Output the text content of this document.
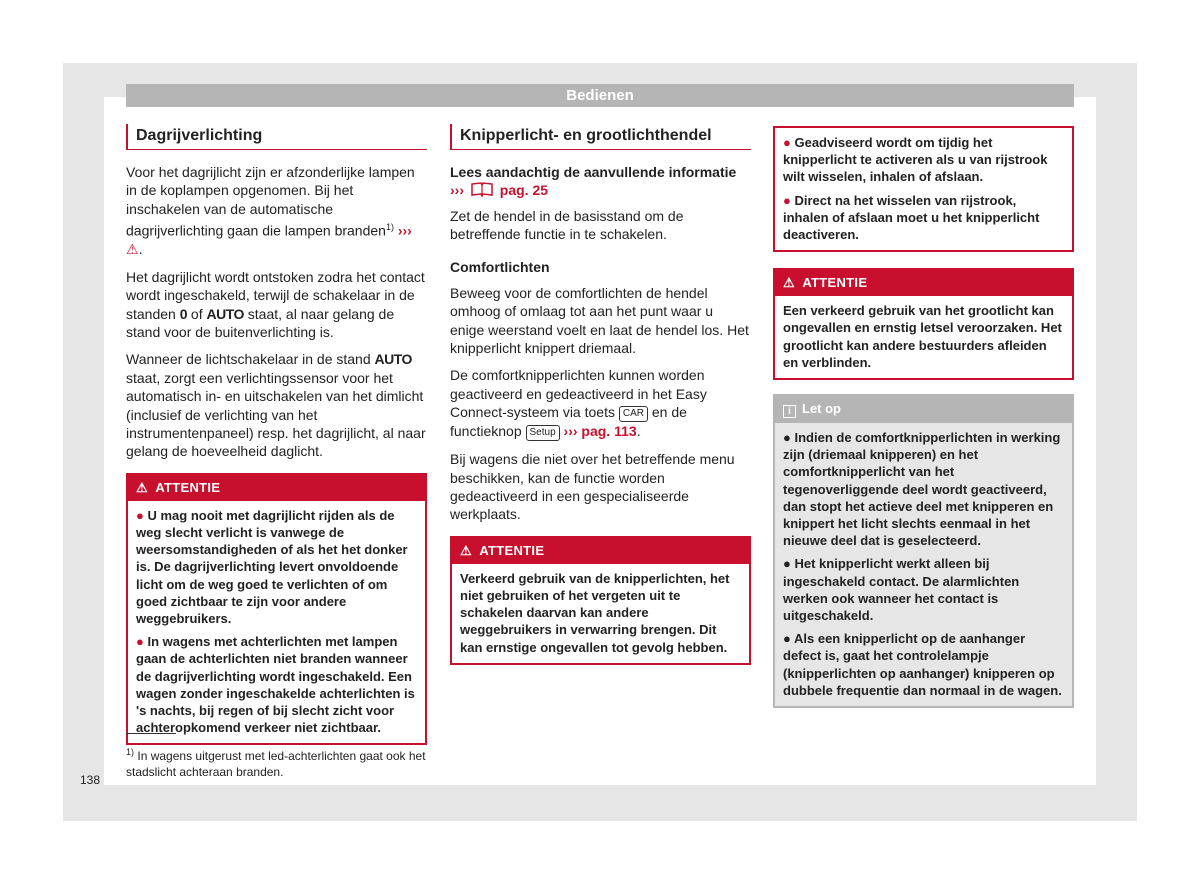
Bedienen
Dagrijverlichting

Voor het dagrijlicht zijn er afzonderlijke lampen in de koplampen opgenomen. Bij het inschakelen van de automatische dagrijverlichting gaan die lampen branden$^{1)}$ ››› ⚠.

Het dagrijlicht wordt ontstoken zodra het contact wordt ingeschakeld, terwijl de schakelaar in de standen 0 of AUTO staat, al naar gelang de stand voor de buitenverlichting is.

Wanneer de lichtschakelaar in de stand AUTO staat, zorgt een verlichtingssensor voor het automatisch in- en uitschakelen van het dimlicht (inclusief de verlichting van het instrumentenpaneel) resp. het dagrijlicht, al naar gelang de hoeveelheid daglicht.

⚠ ATTENTIE
● U mag nooit met dagrijlicht rijden als de weg slecht verlicht is vanwege de weersomstandigheden of als het het donker is. De dagrijverlichting levert onvoldoende licht om de weg goed te verlichten of om goed zichtbaar te zijn voor andere weggebruikers.
● In wagens met achterlichten met lampen gaan de achterlichten niet branden wanneer de dagrijverlichting wordt ingeschakeld. Een wagen zonder ingeschakelde achterlichten is 's nachts, bij regen of bij slecht zicht voor achteropkomend verkeer niet zichtbaar.
Knipperlicht- en grootlichthendel

Lees aandachtig de aanvullende informatie
›››	pag. 25

Zet de hendel in de basisstand om de betreffende functie in te schakelen.

Comfortlichten

Beweeg voor de comfortlichten de hendel omhoog of omlaag tot aan het punt waar u enige weerstand voelt en laat de hendel los. Het knipperlicht knippert driemaal.

De comfortknipperlichten kunnen worden geactiveerd en gedeactiveerd in het Easy Connect-systeem via toets CAR en de functieknop Setup ››› pag. 113.

Bij wagens die niet over het betreffende menu beschikken, kan de functie worden gedeactiveerd in een gespecialiseerde werkplaats.

⚠ ATTENTIE
Verkeerd gebruik van de knipperlichten, het niet gebruiken of het vergeten uit te schakelen daarvan kan andere weggebruikers in verwarring brengen. Dit kan ernstige ongevallen tot gevolg hebben.
● Geadviseerd wordt om tijdig het knipperlicht te activeren als u van rijstrook wilt wisselen, inhalen of afslaan.
● Direct na het wisselen van rijstrook, inhalen of afslaan moet u het knipperlicht deactiveren.
⚠ ATTENTIE
Een verkeerd gebruik van het grootlicht kan ongevallen en ernstig letsel veroorzaken. Het grootlicht kan andere bestuurders afleiden en verblinden.
i Let op
● Indien de comfortknipperlichten in werking zijn (driemaal knipperen) en het comfortknipperlicht van het tegenoverliggende deel wordt geactiveerd, dan stopt het actieve deel met knipperen en knippert het licht slechts eenmaal in het nieuwe deel dat is geselecteerd.
● Het knipperlicht werkt alleen bij ingeschakeld contact. De alarmlichten werken ook wanneer het contact is uitgeschakeld.
● Als een knipperlicht op de aanhanger defect is, gaat het controlelampje (knipperlichten op aanhanger) knipperen op dubbele frequentie dan normaal in de wagen.
$^{1)}$ In wagens uitgerust met led-achterlichten gaat ook het stadslicht achteraan branden.
138
